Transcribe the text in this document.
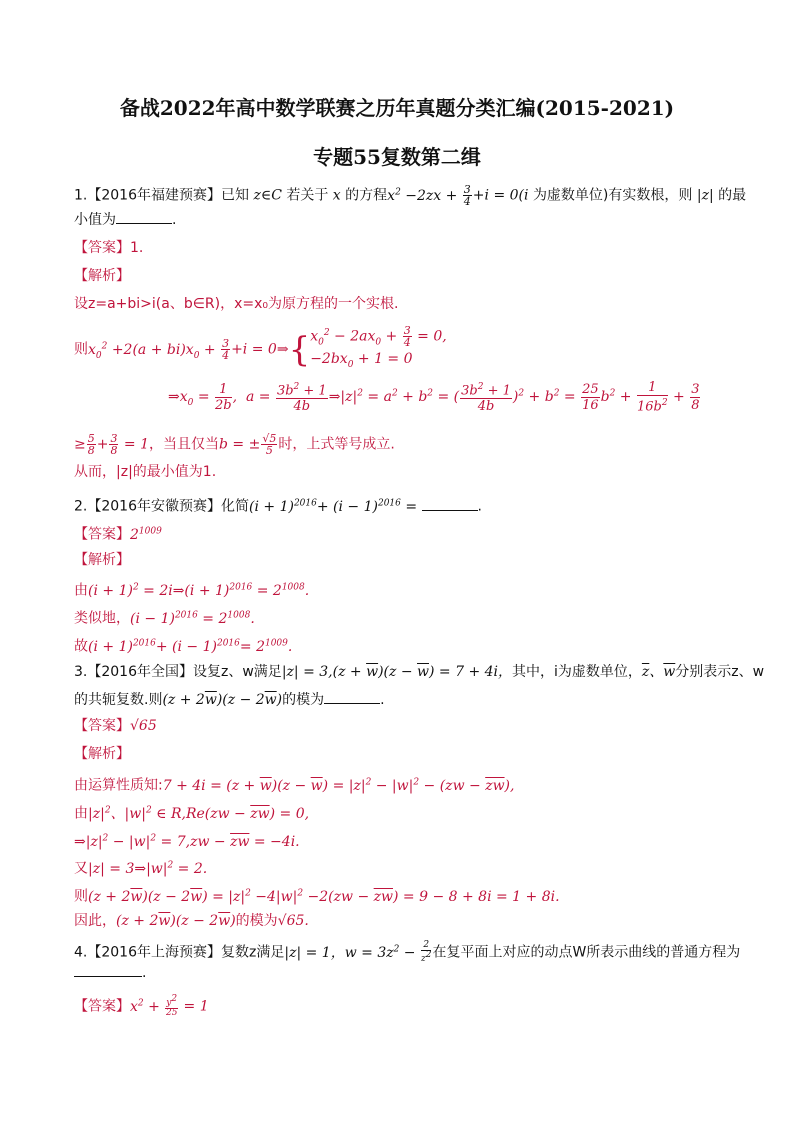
备战2022年高中数学联赛之历年真题分类汇编(2015-2021)
专题55复数第二缉
1.【2016年福建预赛】已知 z∈C 若关于 x 的方程$x^2 -2zx + \frac{3}{4} +i = 0(i$ 为虚数单位)有实数根，则 |z| 的最
小值为	.
【答案】1.
【解析】
设z=a+bi>i(a、b∈R)，x=x₀为原方程的一个实根.
则$x_0^2 +2(a + bi)x_0 + \frac{3}{4} +i$ = 0⇒{ $x_0^2 - 2ax_0 + \frac{3}{4} = 0$,
$-2bx_0 + 1 = 0$
$\Rightarrow x_0 = \frac{1}{2b}$ ,  $a = \frac{3b^2 + 1}{4b}$ $\Rightarrow|z|^2 = a^2 + b^2$ = ( $\frac{3b^2 + 1}{4b} )^2 + b^2 = \frac{25}{16} b^2 + \frac{1}{16b^2} + \frac{3}{8}$
≥ $\frac{5}{8} + \frac{3}{8} = 1$，当且仅当b = ± $\frac{√5}{5}$ 时，上式等号成立.
从而，|z|的最小值为1.
2.【2016年安徽预赛】化简$(i + 1)^{2016}+ (i - 1)^{2016}$ =	.
【答案】$2^{1009}$
【解析】
由$(i + 1)^2$ = 2i⇒(i + $1)^{2016} = 2^{1008}$.
类似地，$(i - 1)^{2016} = 2^{1008}$.
故$(i + 1)^{2016}+ (i - 1)^{2016}= 2^{1009}$.
3.【2016年全国】设复z、w满足$|z| = 3,(z + \overline{w})(z - \overline{w}) = 7 + 4i$，其中，i为虚数单位，$\overline{z}$、$\overline{w}$分别表示z、w
的共轭复数.则$(z + 2\overline{w})(z - 2\overline{w})$的模为	.
【答案】√65
【解析】
由运算性质知:7 + $4i = (z + \overline{w})(z - \overline{w}) = |z|^2 - |w|^2 - (zw - \overline{zw})$,
由$|z|^2$、$|w|^2$ ∈ $R,Re(zw - \overline{zw}) = 0$,
$\Rightarrow|z|^2 - |w|^2 = 7,zw - \overline{zw} = -4i$.
又$|z| = 3\Rightarrow|w|^2 = 2$.
则$(z + 2\overline{w})(z - 2\overline{w}) = |z|^2 -4|w|^2 -2(zw - \overline{zw}) = 9 - 8 + 8i = 1 + 8i$.
因此，$(z + 2\overline{w})(z - 2\overline{w})$的模为√65.
4.【2016年上海预赛】复数z满足|z| = 1，$w = 3z^2 - \frac{2}{z^2}$ 在复平面上对应的动点W所表示曲线的普通方程为
.
【答案】$x^2 + \frac{y^2}{25} = 1$
